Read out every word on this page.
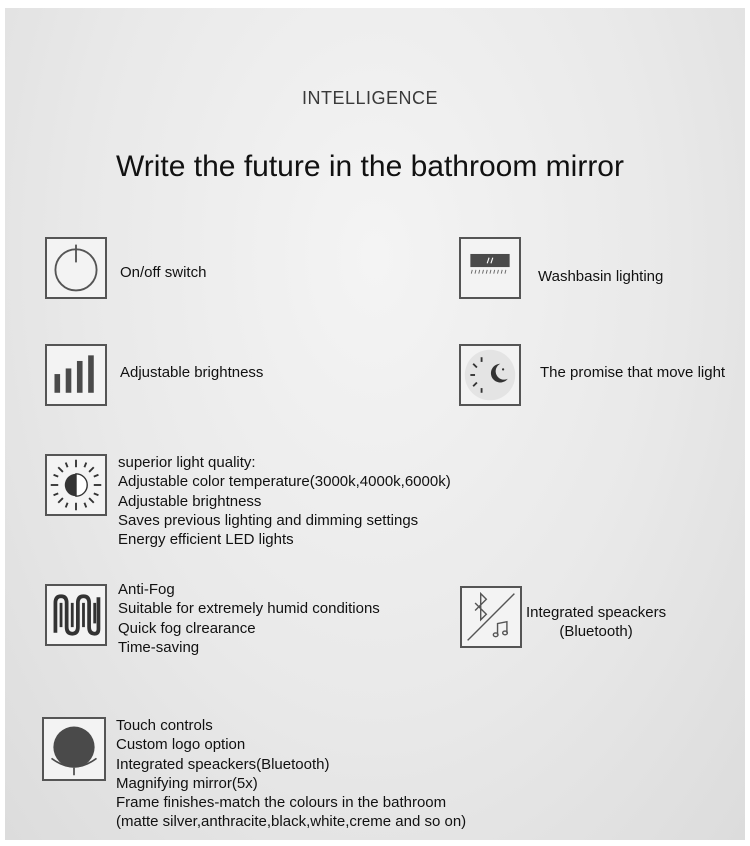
INTELLIGENCE
Write the future in the bathroom mirror
On/off switch	Washbasin lighting
Adjustable brightness	The promise that move light
superior light quality:
Adjustable color temperature(3000k,4000k,6000k)
Adjustable brightness
Saves previous lighting and dimming settings
Energy efficient LED lights
Anti-Fog
Suitable for extremely humid conditions
Quick fog clrearance
Time-saving
Integrated speackers
(Bluetooth)
Touch controls
Custom logo option
Integrated speackers(Bluetooth)
Magnifying mirror(5x)
Frame finishes-match the colours in the bathroom
(matte silver,anthracite,black,white,creme and so on)
